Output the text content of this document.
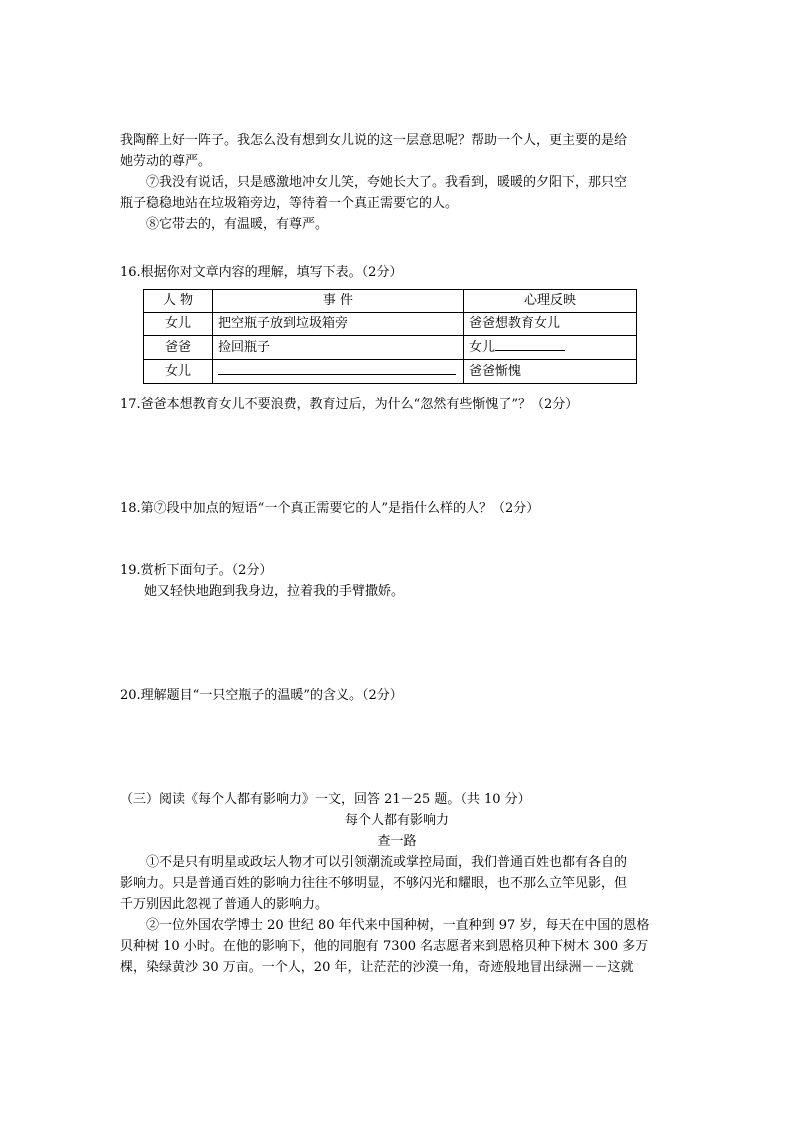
我陶醉上好一阵子。我怎么没有想到女儿说的这一层意思呢？帮助一个人，更主要的是给
她劳动的尊严。
⑦我没有说话，只是感激地冲女儿笑，夸她长大了。我看到，暖暖的夕阳下，那只空
瓶子稳稳地站在垃圾箱旁边，等待着一个真正需要它的人。
⑧它带去的，有温暖，有尊严。
16.根据你对文章内容的理解，填写下表。（2分）
人 物	事 件	心理反映
女儿	把空瓶子放到垃圾箱旁	爸爸想教育女儿
爸爸	捡回瓶子	女儿
女儿		爸爸惭愧
17.爸爸本想教育女儿不要浪费，教育过后，为什么“忽然有些惭愧了”？（2分）
18.第⑦段中加点的短语“一个真正需要它的人”是指什么样的人？（2分）
19.赏析下面句子。（2分）
她又轻快地跑到我身边，拉着我的手臂撒娇。
20.理解题目“一只空瓶子的温暖”的含义。（2分）
（三）阅读《每个人都有影响力》一文，回答 21－25 题。（共 10 分）
每个人都有影响力
查一路
①不是只有明星或政坛人物才可以引领潮流或掌控局面，我们普通百姓也都有各自的
影响力。只是普通百姓的影响力往往不够明显，不够闪光和耀眼，也不那么立竿见影，但
千万别因此忽视了普通人的影响力。
②一位外国农学博士 20 世纪 80 年代来中国种树，一直种到 97 岁，每天在中国的恩格
贝种树 10 小时。在他的影响下，他的同胞有 7300 名志愿者来到恩格贝种下树木 300 多万
棵，染绿黄沙 30 万亩。一个人，20 年，让茫茫的沙漠一角，奇迹般地冒出绿洲－－这就
